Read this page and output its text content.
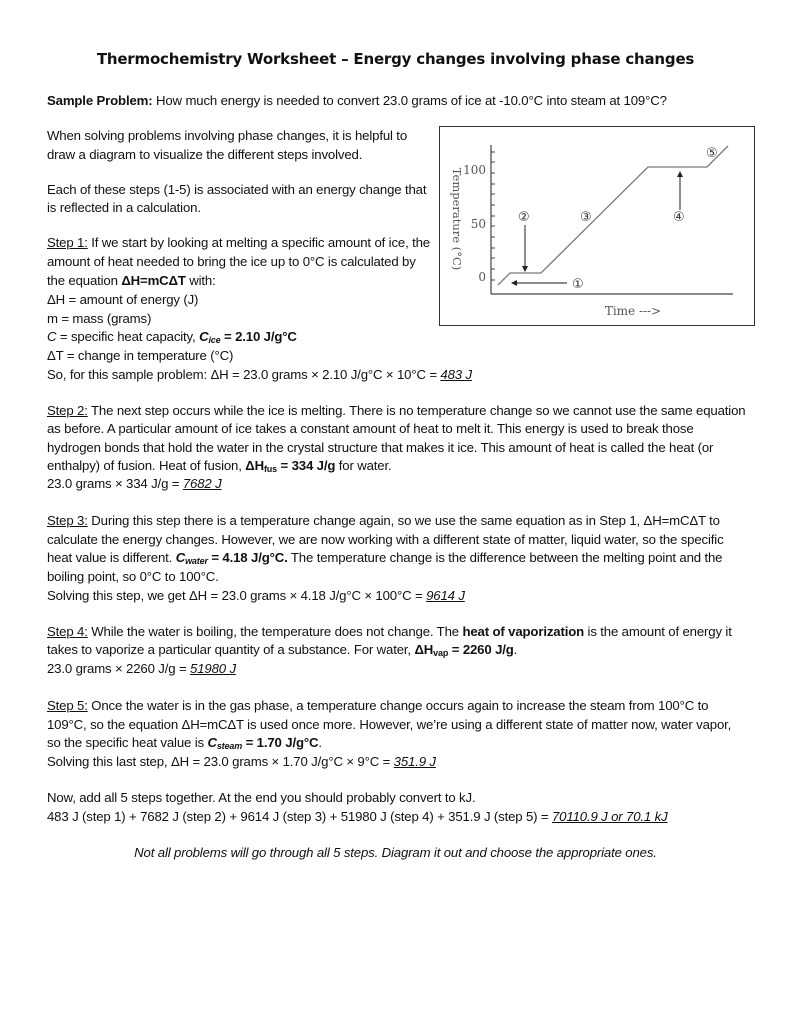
Thermochemistry Worksheet – Energy changes involving phase changes
Sample Problem: How much energy is needed to convert 23.0 grams of ice at -10.0°C into steam at 109°C?
When solving problems involving phase changes, it is helpful to
draw a diagram to visualize the different steps involved.
Each of these steps (1-5) is associated with an energy change that
is reflected in a calculation.
100
50
0
Temperature (°C)
Time --->
①
②	③	④
⑤
Step 1: If we start by looking at melting a specific amount of ice, the
amount of heat needed to bring the ice up to 0°C is calculated by
the equation ΔH=mCΔT with:
ΔH = amount of energy (J)
m = mass (grams)
C = specific heat capacity, $C_{ice} = 2.10$ J/g°C
ΔT = change in temperature (°C)
So, for this sample problem: ΔH = 23.0 grams × 2.10 J/g°C × 10°C = 483 J
Step 2: The next step occurs while the ice is melting. There is no temperature change so we cannot use the same equation
as before. A particular amount of ice takes a constant amount of heat to melt it. This energy is used to break those
hydrogen bonds that hold the water in the crystal structure that makes it ice. This amount of heat is called the heat (or
enthalpy) of fusion. Heat of fusion, $\Delta H_{fus} = 334$ J/g for water.
23.0 grams × 334 J/g = 7682 J
Step 3: During this step there is a temperature change again, so we use the same equation as in Step 1, ΔH=mCΔT to
calculate the energy changes. However, we are now working with a different state of matter, liquid water, so the specific
heat value is different. $C_{water} = 4.18$ J/g°C. The temperature change is the difference between the melting point and the
boiling point, so 0°C to 100°C.
Solving this step, we get ΔH = 23.0 grams × 4.18 J/g°C × 100°C = 9614 J
Step 4: While the water is boiling, the temperature does not change. The heat of vaporization is the amount of energy it
takes to vaporize a particular quantity of a substance. For water, $\Delta H_{vap} = 2260$ J/g.
23.0 grams × 2260 J/g = 51980 J
Step 5: Once the water is in the gas phase, a temperature change occurs again to increase the steam from 100°C to
109°C, so the equation ΔH=mCΔT is used once more. However, we’re using a different state of matter now, water vapor,
so the specific heat value is $C_{steam} = 1.70$ J/g°C.
Solving this last step, ΔH = 23.0 grams × 1.70 J/g°C × 9°C = 351.9 J
Now, add all 5 steps together. At the end you should probably convert to kJ.
483 J (step 1) + 7682 J (step 2) + 9614 J (step 3) + 51980 J (step 4) + 351.9 J (step 5) = 70110.9 J or 70.1 kJ
Not all problems will go through all 5 steps. Diagram it out and choose the appropriate ones.
